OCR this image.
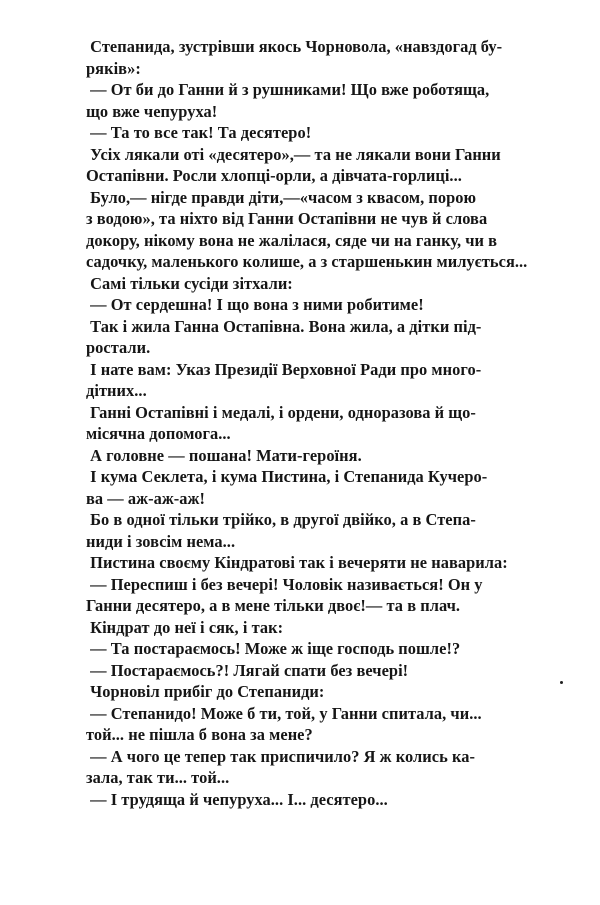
Степанида, зустрівши якось Чорновола, «навздогад бу-
ряків»:
— От би до Ганни й з рушниками! Що вже роботяща,
що вже чепуруха!
— Та то все так! Та десятеро!
Усіх лякали оті «десятеро»,— та не лякали вони Ганни
Остапівни. Росли хлопці-орли, а дівчата-горлиці...
Було,— нігде правди діти,—«часом з квасом, порою
з водою», та ніхто від Ганни Остапівни не чув й слова
докору, нікому вона не жалілася, сяде чи на ганку, чи в
садочку, маленького колише, а з старшенькин милується...
Самі тільки сусіди зітхали:
— От сердешна! І що вона з ними робитиме!
Так і жила Ганна Остапівна. Вона жила, а дітки під-
ростали.
І нате вам: Указ Президії Верховної Ради про много-
дітних...
Ганні Остапівні і медалі, і ордени, одноразова й що-
місячна допомога...
А головне — пошана! Мати-героїня.
І кума Секлета, і кума Пистина, і Степанида Кучеро-
ва — аж-аж-аж!
Бо в одної тільки трійко, в другої двійко, а в Степа-
ниди і зовсім нема...
Пистина своєму Кіндратові так і вечеряти не наварила:
— Переспиш і без вечері! Чоловік називається! Он у
Ганни десятеро, а в мене тільки двоє!— та в плач.
Кіндрат до неї і сяк, і так:
— Та постараємось! Може ж іще господь пошле!?
— Постараємось?! Лягай спати без вечері!
Чорновіл прибіг до Степаниди:
— Степанидо! Може б ти, той, у Ганни спитала, чи...
той... не пішла б вона за мене?
— А чого це тепер так приспичило? Я ж колись ка-
зала, так ти... той...
— І трудяща й чепуруха... І... десятеро...
